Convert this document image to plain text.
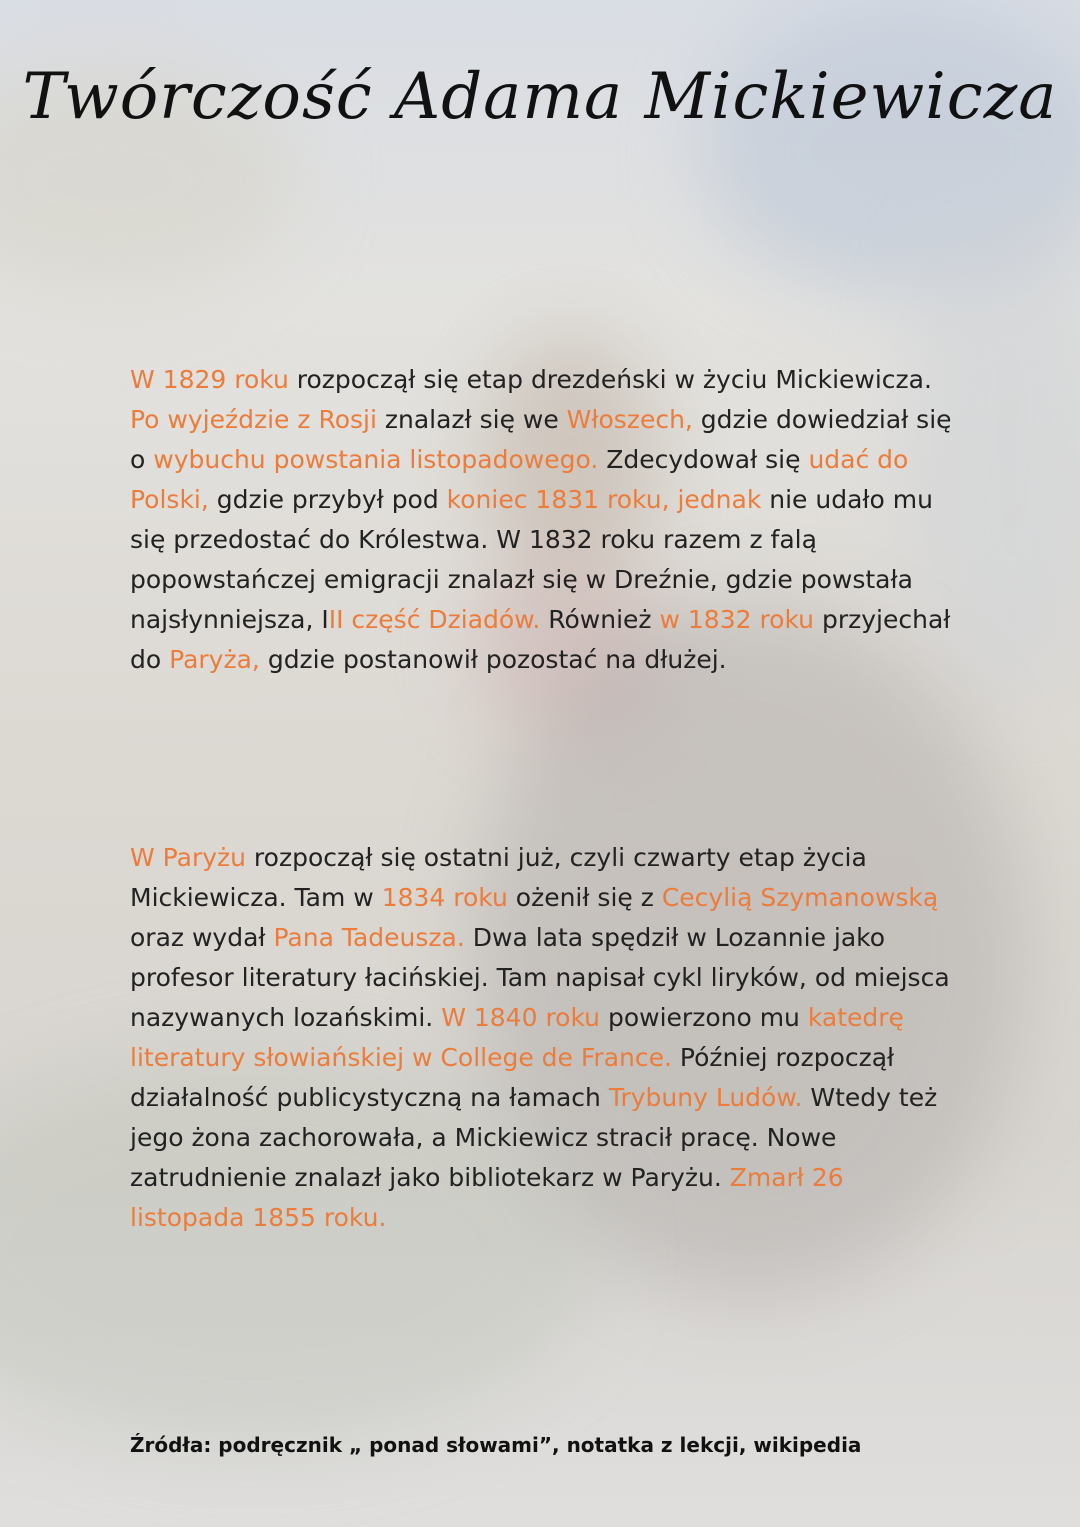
Twórczość Adama Mickiewicza
W 1829 roku rozpoczął się etap drezdeński w życiu Mickiewicza. Po wyjeździe z Rosji znalazł się we Włoszech, gdzie dowiedział się o wybuchu powstania listopadowego. Zdecydował się udać do Polski, gdzie przybył pod koniec 1831 roku, jednak nie udało mu się przedostać do Królestwa. W 1832 roku razem z falą popowstańczej emigracji znalazł się w Dreźnie, gdzie powstała najsłynniejsza, III część Dziadów. Również w 1832 roku przyjechał do Paryża, gdzie postanowił pozostać na dłużej.
W Paryżu rozpoczął się ostatni już, czyli czwarty etap życia Mickiewicza. Tam w 1834 roku ożenił się z Cecylią Szymanowską oraz wydał Pana Tadeusza. Dwa lata spędził w Lozannie jako profesor literatury łacińskiej. Tam napisał cykl liryków, od miejsca nazywanych lozańskimi. W 1840 roku powierzono mu katedrę literatury słowiańskiej w College de France. Później rozpoczął działalność publicystyczną na łamach Trybuny Ludów. Wtedy też jego żona zachorowała, a Mickiewicz stracił pracę. Nowe zatrudnienie znalazł jako bibliotekarz w Paryżu. Zmarł 26 listopada 1855 roku.
Źródła: podręcznik „ ponad słowami”, notatka z lekcji, wikipedia
